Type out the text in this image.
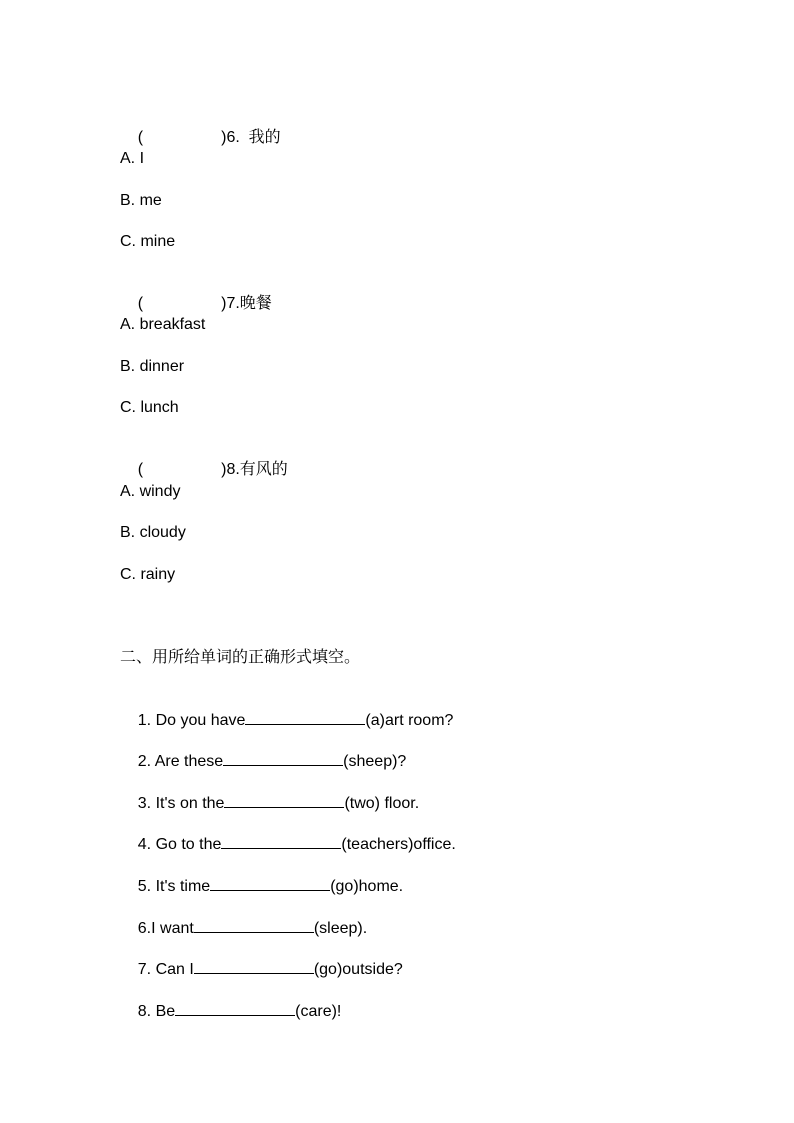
(	)6.  我的

A. I
B. me
C. mine

(	)7.晚餐

A. breakfast
B. dinner
C. lunch

(	)8.有风的

A. windy
B. cloudy
C. rainy
二、用所给单词的正确形式填空。

1. Do you have	(a)art room?

2. Are these	(sheep)?

3. It's on the	(two) floor.

4. Go to the	(teachers)office.

5. It's time	(go)home.

6.I want	(sleep).

7. Can I	(go)outside?

8. Be	(care)!
